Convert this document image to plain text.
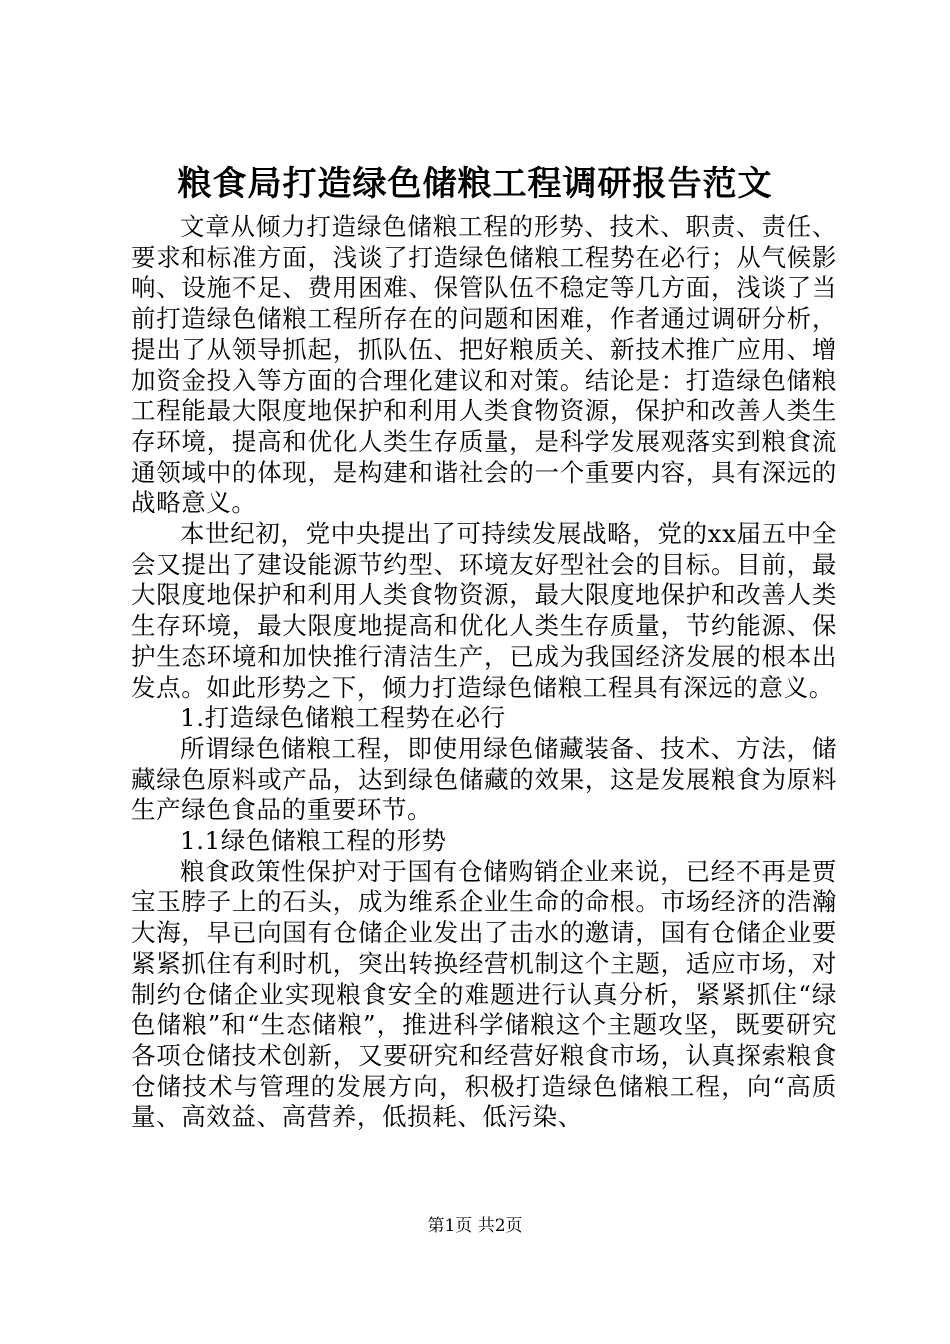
粮食局打造绿色储粮工程调研报告范文

文章从倾力打造绿色储粮工程的形势、技术、职责、责任、要求和标准方面，浅谈了打造绿色储粮工程势在必行；从气候影响、设施不足、费用困难、保管队伍不稳定等几方面，浅谈了当前打造绿色储粮工程所存在的问题和困难，作者通过调研分析，提出了从领导抓起，抓队伍、把好粮质关、新技术推广应用、增加资金投入等方面的合理化建议和对策。结论是：打造绿色储粮工程能最大限度地保护和利用人类食物资源，保护和改善人类生存环境，提高和优化人类生存质量，是科学发展观落实到粮食流通领域中的体现，是构建和谐社会的一个重要内容，具有深远的战略意义。

本世纪初，党中央提出了可持续发展战略，党的xx届五中全会又提出了建设能源节约型、环境友好型社会的目标。目前，最大限度地保护和利用人类食物资源，最大限度地保护和改善人类生存环境，最大限度地提高和优化人类生存质量，节约能源、保护生态环境和加快推行清洁生产，已成为我国经济发展的根本出发点。如此形势之下，倾力打造绿色储粮工程具有深远的意义。

1.打造绿色储粮工程势在必行

所谓绿色储粮工程，即使用绿色储藏装备、技术、方法，储藏绿色原料或产品，达到绿色储藏的效果，这是发展粮食为原料生产绿色食品的重要环节。

1.1绿色储粮工程的形势

粮食政策性保护对于国有仓储购销企业来说，已经不再是贾宝玉脖子上的石头，成为维系企业生命的命根。市场经济的浩瀚大海，早已向国有仓储企业发出了击水的邀请，国有仓储企业要紧紧抓住有利时机，突出转换经营机制这个主题，适应市场，对制约仓储企业实现粮食安全的难题进行认真分析，紧紧抓住“绿色储粮”和“生态储粮”，推进科学储粮这个主题攻坚，既要研究各项仓储技术创新，又要研究和经营好粮食市场，认真探索粮食仓储技术与管理的发展方向，积极打造绿色储粮工程，向“高质量、高效益、高营养，低损耗、低污染、

第1页 共2页
